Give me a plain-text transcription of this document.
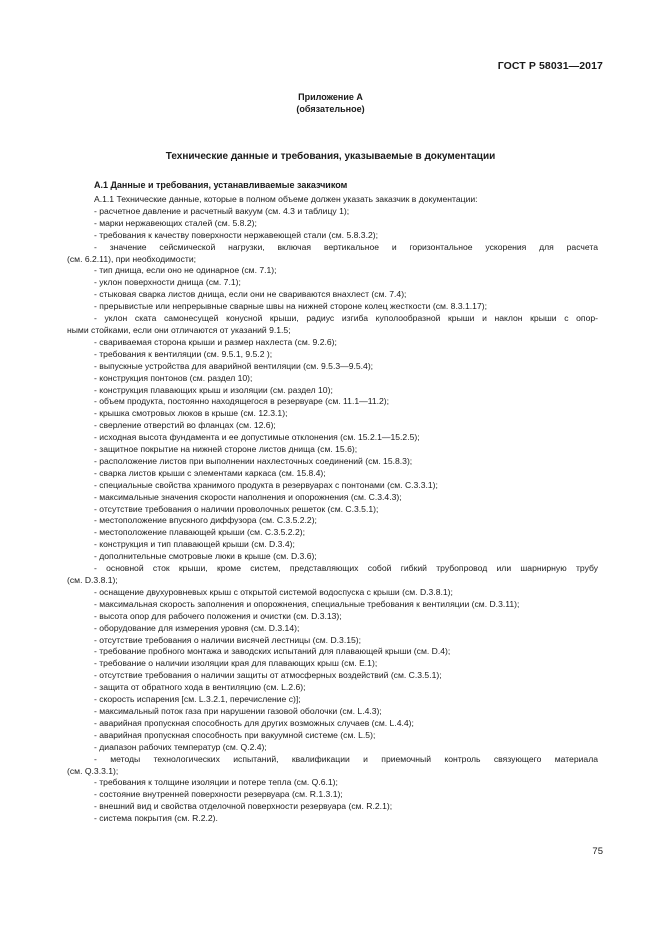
ГОСТ Р 58031—2017
Приложение А
(обязательное)
Технические данные и требования, указываемые в документации
А.1 Данные и требования, устанавливаемые заказчиком
А.1.1 Технические данные, которые в полном объеме должен указать заказчик в документации:
- расчетное давление и расчетный вакуум (см. 4.3 и таблицу 1);
- марки нержавеющих сталей (см. 5.8.2);
- требования к качеству поверхности нержавеющей стали (см. 5.8.3.2);
- значение сейсмической нагрузки, включая вертикальное и горизонтальное ускорения для расчета
(см. 6.2.11), при необходимости;
- тип днища, если оно не одинарное (см. 7.1);
- уклон поверхности днища (см. 7.1);
- стыковая сварка листов днища, если они не свариваются внахлест (см. 7.4);
- прерывистые или непрерывные сварные швы на нижней стороне колец жесткости (см. 8.3.1.17);
- уклон ската самонесущей конусной крыши, радиус изгиба куполообразной крыши и наклон крыши с опор-
ными стойками, если они отличаются от указаний 9.1.5;
- свариваемая сторона крыши и размер нахлеста (см. 9.2.6);
- требования к вентиляции (см. 9.5.1, 9.5.2 );
- выпускные устройства для аварийной вентиляции (см. 9.5.3—9.5.4);
- конструкция понтонов (см. раздел 10);
- конструкция плавающих крыш и изоляции (см. раздел 10);
- объем продукта, постоянно находящегося в резервуаре (см. 11.1—11.2);
- крышка смотровых люков в крыше (см. 12.3.1);
- сверление отверстий во фланцах (см. 12.6);
- исходная высота фундамента и ее допустимые отклонения (см. 15.2.1—15.2.5);
- защитное покрытие на нижней стороне листов днища (см. 15.6);
- расположение листов при выполнении нахлесточных соединений (см. 15.8.3);
- сварка листов крыши с элементами каркаса (см. 15.8.4);
- специальные свойства хранимого продукта в резервуарах с понтонами (см. С.3.3.1);
- максимальные значения скорости наполнения и опорожнения (см. С.3.4.3);
- отсутствие требования о наличии проволочных решеток (см. С.3.5.1);
- местоположение впускного диффузора (см. С.3.5.2.2);
- местоположение плавающей крыши (см. С.3.5.2.2);
- конструкция и тип плавающей крыши (см. D.3.4);
- дополнительные смотровые люки в крыше (см. D.3.6);
- основной сток крыши, кроме систем, представляющих собой гибкий трубопровод или шарнирную трубу
(см. D.3.8.1);
- оснащение двухуровневых крыш с открытой системой водоспуска с крыши (см. D.3.8.1);
- максимальная скорость заполнения и опорожнения, специальные требования к вентиляции (см. D.3.11);
- высота опор для рабочего положения и очистки (см. D.3.13);
- оборудование для измерения уровня (см. D.3.14);
- отсутствие требования о наличии висячей лестницы (см. D.3.15);
- требование пробного монтажа и заводских испытаний для плавающей крыши (см. D.4);
- требование о наличии изоляции края для плавающих крыш (см. Е.1);
- отсутствие требования о наличии защиты от атмосферных воздействий (см. С.3.5.1);
- защита от обратного хода в вентиляцию (см. L.2.6);
- скорость испарения [см. L.3.2.1, перечисление с)];
- максимальный поток газа при нарушении газовой оболочки (см. L.4.3);
- аварийная пропускная способность для других возможных случаев (см. L.4.4);
- аварийная пропускная способность при вакуумной системе (см. L.5);
- диапазон рабочих температур (см. Q.2.4);
- методы технологических испытаний, квалификации и приемочный контроль связующего материала
(см. Q.3.3.1);
- требования к толщине изоляции и потере тепла (см. Q.6.1);
- состояние внутренней поверхности резервуара (см. R.1.3.1);
- внешний вид и свойства отделочной поверхности резервуара (см. R.2.1);
- система покрытия (см. R.2.2).
75
